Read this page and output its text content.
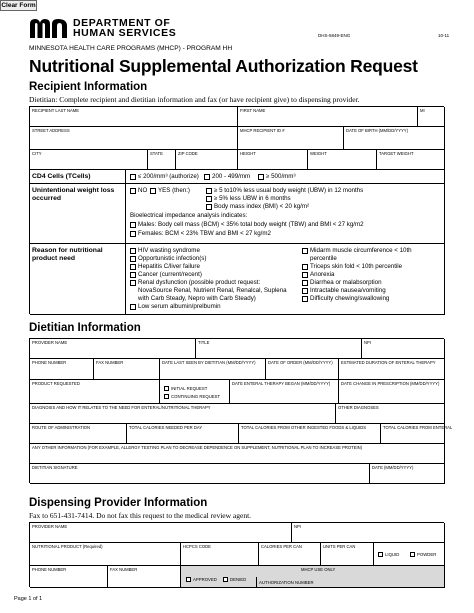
Clear Form
DEPARTMENT OF
HUMAN SERVICES	DHS-5849-ENG	10-11
MINNESOTA HEALTH CARE PROGRAMS (MHCP) - PROGRAM HH
Nutritional Supplemental Authorization Request
Recipient Information
Dietitian: Complete recipient and dietitian information and fax (or have recipient give) to dispensing provider.
RECIPIENT LAST NAME	FIRST NAME	MI
STREET ADDRESS	MHCP RECIPIENT ID #	DATE OF BIRTH (MM/DD/YYYY)
CITY	STATE	ZIP CODE	HEIGHT	WEIGHT	TARGET WEIGHT
CD4 Cells (TCells)	≤ 200/mm³ (authorize) 200 - 499/mm	≥ 500/mm³
Unintentional weight loss occurred
NO YES (then:)	≥ 5 to10% less usual body weight (UBW) in 12 months
≥ 5% less UBW in 6 months
Body mass index (BMI) < 20 kg/m²
Bioelectrical impedance analysis indicates:
Males: Body cell mass (BCM) < 35% total body weight (TBW) and BMI < 27 kg/m2
Females: BCM < 23% TBW and BMI < 27 kg/m2
Reason for nutritional product need
HIV wasting syndrome
Opportunistic infection(s)
Hepatitis C/liver failure
Cancer (current/recent)
Renal dysfunction (possible product request:
NovaSource Renal, Nutrient Renal, Renalcal, Suplena
with Carb Steady, Nepro with Carb Steady)
Low serum albumin/prelbumin
Midarm muscle circumference < 10th
percentile
Triceps skin fold < 10th percentile
Anorexia
Diarrhea or malabsorption
Intractable nausea/vomiting
Difficulty chewing/swallowing
Dietitian Information
PROVIDER NAME	TITLE	NPI
PHONE NUMBER	FAX NUMBER	DATE LAST SEEN BY DIETITIAN (MM/DD/YYYY)	DATE OF ORDER (MM/DD/YYYY) ESTIMATED DURATION OF ENTERAL THERAPY
PRODUCT REQUESTED
INITIAL REQUEST
CONTINUING REQUEST
DATE ENTERAL THERAPY BEGAN (MM/DD/YYYY)	DATE CHANGE IN PRESCRIPTION (MM/DD/YYYY)
DIAGNOSIS AND HOW IT RELATES TO THE NEED FOR ENTERAL/NUTRITIONAL THERAPY	OTHER DIAGNOSES
ROUTE OF ADMINISTRATION	TOTAL CALORIES NEEDED PER DAY	TOTAL CALORIES FROM OTHER INGESTED FOODS & LIQUIDS	TOTAL CALORIES FROM ENTERAL
ANY OTHER INFORMATION (FOR EXAMPLE, ALLERGY TESTING PLAN TO DECREASE DEPENDENCE ON SUPPLEMENT, NUTRITIONAL PLAN TO INCREASE PROTEIN)
DIETITIAN SIGNATURE	DATE (MM/DD/YYYY)
Dispensing Provider Information
Fax to 651-431-7414. Do not fax this request to the medical review agent.
PROVIDER NAME	NPI
NUTRITIONAL PRODUCT (Required)	HCPCS CODE	CALORIES PER CAN	UNITS PER CAN
LIQUID	POWDER
PHONE NUMBER	FAX NUMBER	MHCP USE ONLY
APPROVED	DENIED
AUTHORIZATION NUMBER
Page 1 of 1
